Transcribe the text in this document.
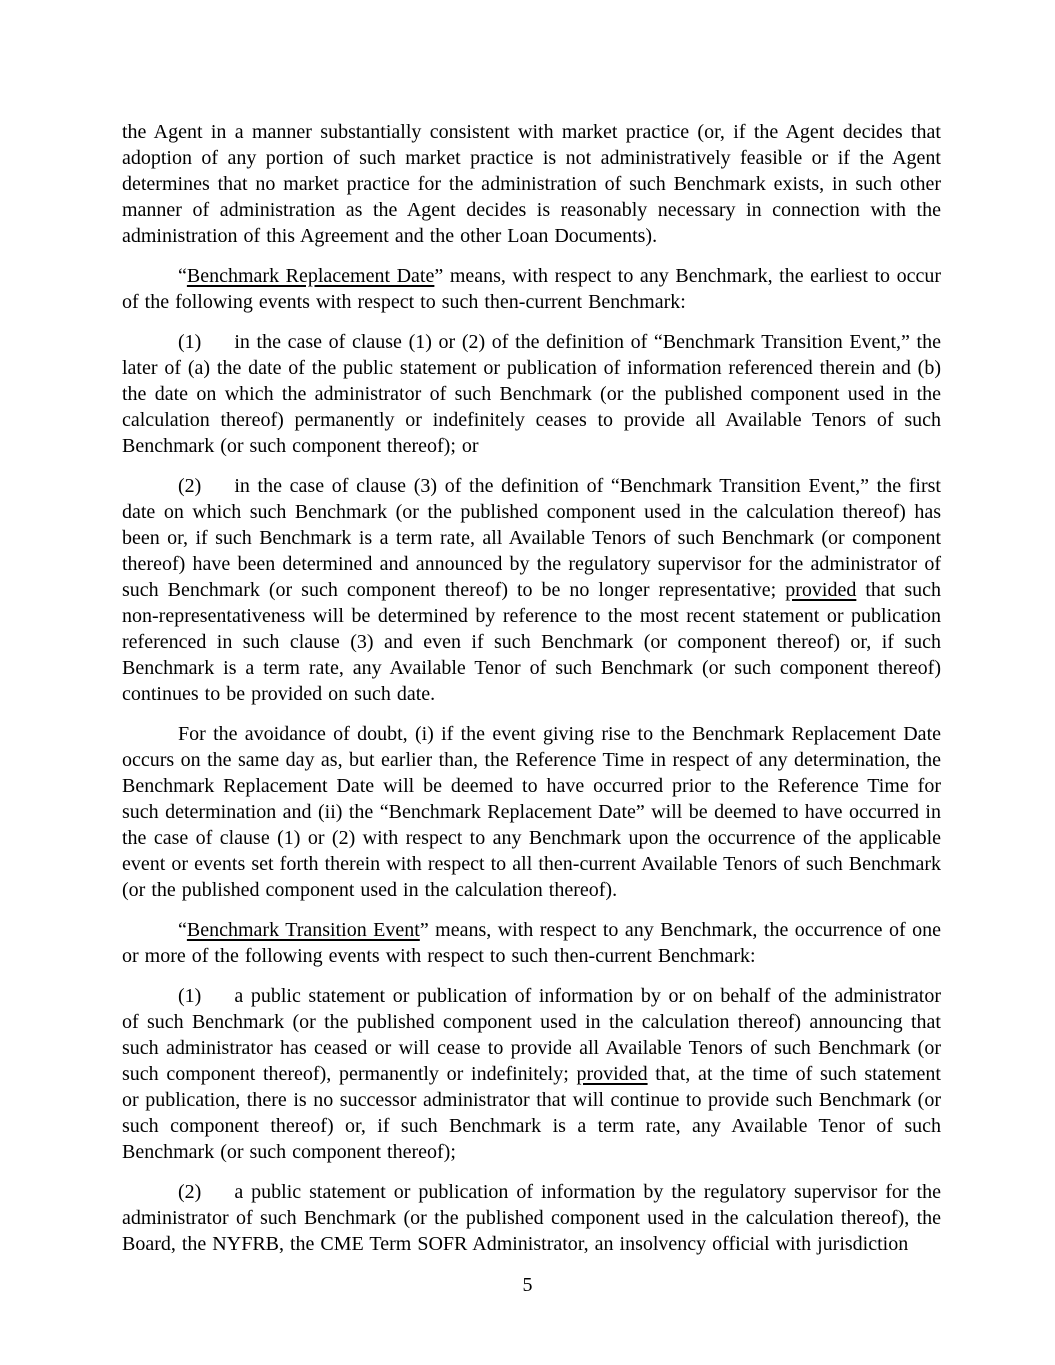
the Agent in a manner substantially consistent with market practice (or, if the Agent decides that adoption of any portion of such market practice is not administratively feasible or if the Agent determines that no market practice for the administration of such Benchmark exists, in such other manner of administration as the Agent decides is reasonably necessary in connection with the administration of this Agreement and the other Loan Documents).

“Benchmark Replacement Date” means, with respect to any Benchmark, the earliest to occur of the following events with respect to such then-current Benchmark:

(1) in the case of clause (1) or (2) of the definition of “Benchmark Transition Event,” the later of (a) the date of the public statement or publication of information referenced therein and (b) the date on which the administrator of such Benchmark (or the published component used in the calculation thereof) permanently or indefinitely ceases to provide all Available Tenors of such Benchmark (or such component thereof); or

(2) in the case of clause (3) of the definition of “Benchmark Transition Event,” the first date on which such Benchmark (or the published component used in the calculation thereof) has been or, if such Benchmark is a term rate, all Available Tenors of such Benchmark (or component thereof) have been determined and announced by the regulatory supervisor for the administrator of such Benchmark (or such component thereof) to be no longer representative; provided that such non-representativeness will be determined by reference to the most recent statement or publication referenced in such clause (3) and even if such Benchmark (or component thereof) or, if such Benchmark is a term rate, any Available Tenor of such Benchmark (or such component thereof) continues to be provided on such date.

For the avoidance of doubt, (i) if the event giving rise to the Benchmark Replacement Date occurs on the same day as, but earlier than, the Reference Time in respect of any determination, the Benchmark Replacement Date will be deemed to have occurred prior to the Reference Time for such determination and (ii) the “Benchmark Replacement Date” will be deemed to have occurred in the case of clause (1) or (2) with respect to any Benchmark upon the occurrence of the applicable event or events set forth therein with respect to all then-current Available Tenors of such Benchmark (or the published component used in the calculation thereof).

“Benchmark Transition Event” means, with respect to any Benchmark, the occurrence of one or more of the following events with respect to such then-current Benchmark:

(1) a public statement or publication of information by or on behalf of the administrator of such Benchmark (or the published component used in the calculation thereof) announcing that such administrator has ceased or will cease to provide all Available Tenors of such Benchmark (or such component thereof), permanently or indefinitely; provided that, at the time of such statement or publication, there is no successor administrator that will continue to provide such Benchmark (or such component thereof) or, if such Benchmark is a term rate, any Available Tenor of such Benchmark (or such component thereof);

(2) a public statement or publication of information by the regulatory supervisor for the administrator of such Benchmark (or the published component used in the calculation thereof), the Board, the NYFRB, the CME Term SOFR Administrator, an insolvency official with jurisdiction

5
